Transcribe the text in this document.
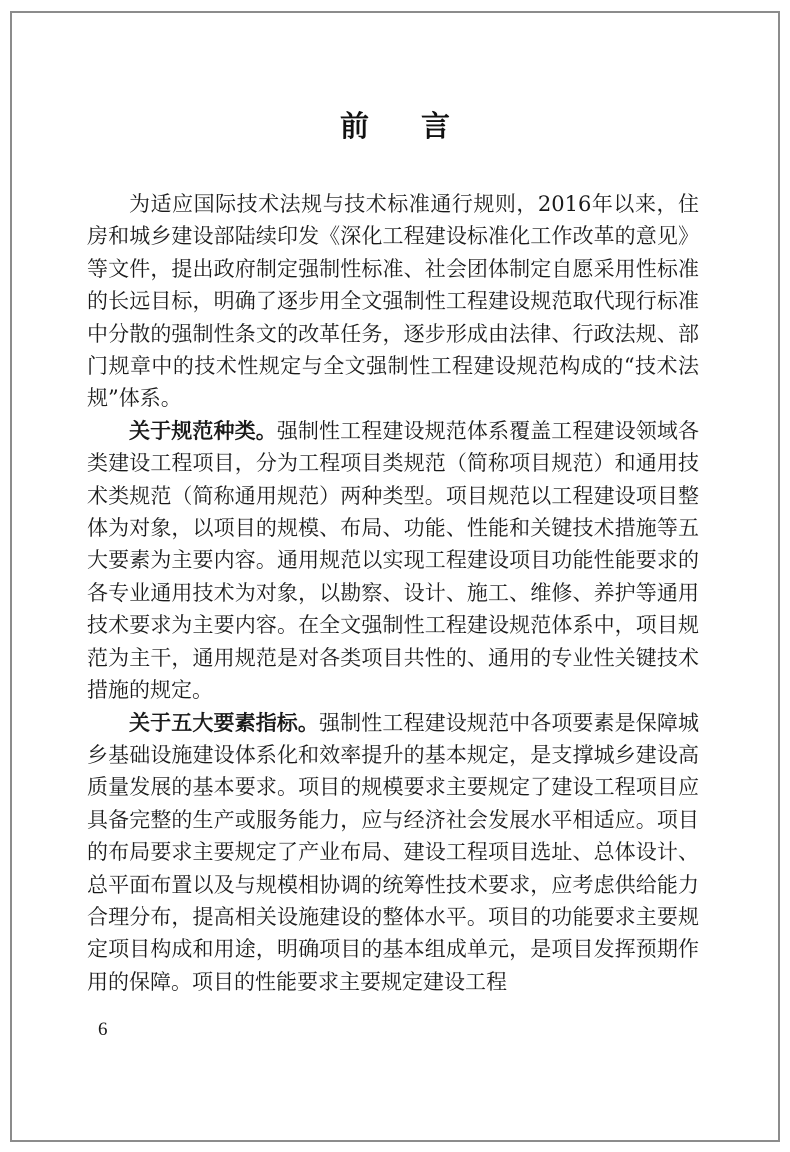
前言

为适应国际技术法规与技术标准通行规则，2016年以来，住房和城乡建设部陆续印发《深化工程建设标准化工作改革的意见》等文件，提出政府制定强制性标准、社会团体制定自愿采用性标准的长远目标，明确了逐步用全文强制性工程建设规范取代现行标准中分散的强制性条文的改革任务，逐步形成由法律、行政法规、部门规章中的技术性规定与全文强制性工程建设规范构成的“技术法规”体系。

关于规范种类。强制性工程建设规范体系覆盖工程建设领域各类建设工程项目，分为工程项目类规范（简称项目规范）和通用技术类规范（简称通用规范）两种类型。项目规范以工程建设项目整体为对象，以项目的规模、布局、功能、性能和关键技术措施等五大要素为主要内容。通用规范以实现工程建设项目功能性能要求的各专业通用技术为对象，以勘察、设计、施工、维修、养护等通用技术要求为主要内容。在全文强制性工程建设规范体系中，项目规范为主干，通用规范是对各类项目共性的、通用的专业性关键技术措施的规定。

关于五大要素指标。强制性工程建设规范中各项要素是保障城乡基础设施建设体系化和效率提升的基本规定，是支撑城乡建设高质量发展的基本要求。项目的规模要求主要规定了建设工程项目应具备完整的生产或服务能力，应与经济社会发展水平相适应。项目的布局要求主要规定了产业布局、建设工程项目选址、总体设计、总平面布置以及与规模相协调的统筹性技术要求，应考虑供给能力合理分布，提高相关设施建设的整体水平。项目的功能要求主要规定项目构成和用途，明确项目的基本组成单元，是项目发挥预期作用的保障。项目的性能要求主要规定建设工程

6
